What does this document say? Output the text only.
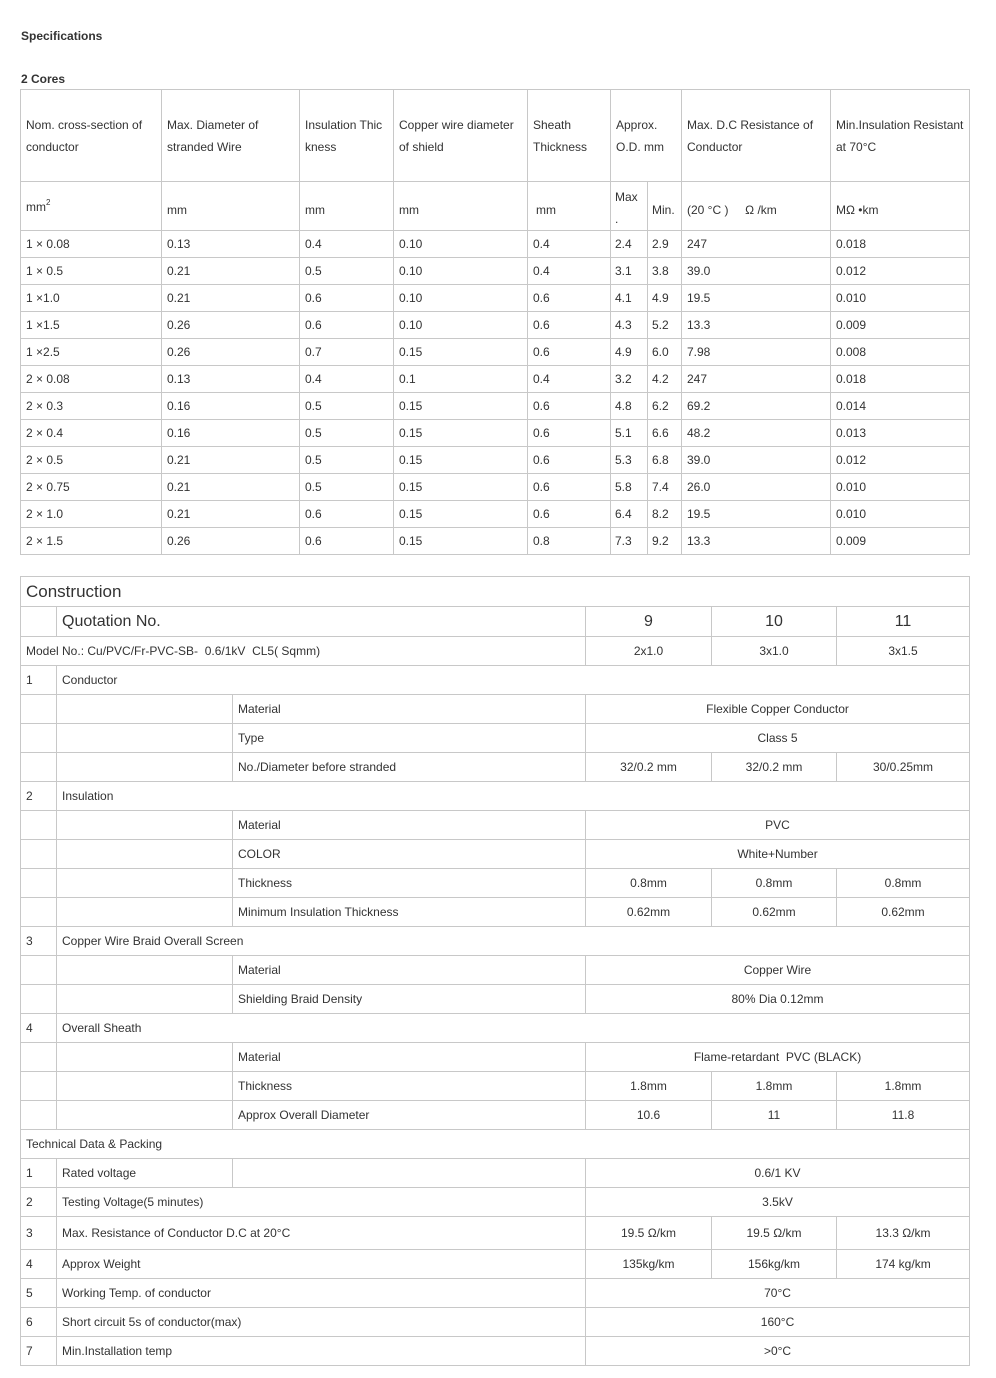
Specifications
2 Cores
Nom. cross-section of conductor	Max. Diameter of stranded Wire	Insulation Thic kness	Copper wire diameter of shield	Sheath Thickness	Approx. O.D. mm		Max. D.C Resistance of Conductor	Min.Insulation Resistant at 70°C
$mm^2$	mm	mm	mm	mm	Max .	Min.	(20 °C )     Ω /km	MΩ •km
1 × 0.08	0.13	0.4	0.10	0.4	2.4	2.9	247	0.018
1 × 0.5	0.21	0.5	0.10	0.4	3.1	3.8	39.0	0.012
1 ×1.0	0.21	0.6	0.10	0.6	4.1	4.9	19.5	0.010
1 ×1.5	0.26	0.6	0.10	0.6	4.3	5.2	13.3	0.009
1 ×2.5	0.26	0.7	0.15	0.6	4.9	6.0	7.98	0.008
2 × 0.08	0.13	0.4	0.1	0.4	3.2	4.2	247	0.018
2 × 0.3	0.16	0.5	0.15	0.6	4.8	6.2	69.2	0.014
2 × 0.4	0.16	0.5	0.15	0.6	5.1	6.6	48.2	0.013
2 × 0.5	0.21	0.5	0.15	0.6	5.3	6.8	39.0	0.012
2 × 0.75	0.21	0.5	0.15	0.6	5.8	7.4	26.0	0.010
2 × 1.0	0.21	0.6	0.15	0.6	6.4	8.2	19.5	0.010
2 × 1.5	0.26	0.6	0.15	0.8	7.3	9.2	13.3	0.009
Construction					
	Quotation No.		9	10	11
Model No.: Cu/PVC/Fr-PVC-SB-  0.6/1kV  CL5( Sqmm)			2x1.0	3x1.0	3x1.5
1	Conductor				
		Material	Flexible Copper Conductor		
		Type	Class 5		
		No./Diameter before stranded	32/0.2 mm	32/0.2 mm	30/0.25mm
2	Insulation				
		Material	PVC		
		COLOR	White+Number		
		Thickness	0.8mm	0.8mm	0.8mm
		Minimum Insulation Thickness	0.62mm	0.62mm	0.62mm
3	Copper Wire Braid Overall Screen				
		Material	Copper Wire		
		Shielding Braid Density	80% Dia 0.12mm		
4	Overall Sheath				
		Material	Flame-retardant  PVC (BLACK)		
		Thickness	1.8mm	1.8mm	1.8mm
		Approx Overall Diameter	10.6	11	11.8
Technical Data & Packing					
1	Rated voltage		0.6/1 KV		
2	Testing Voltage(5 minutes)		3.5kV		
3	Max. Resistance of Conductor D.C at 20°C		19.5 Ω/km	19.5 Ω/km	13.3 Ω/km
4	Approx Weight		135kg/km	156kg/km	174 kg/km
5	Working Temp. of conductor		70°C		
6	Short circuit 5s of conductor(max)		160°C		
7	Min.Installation temp		>0°C		
